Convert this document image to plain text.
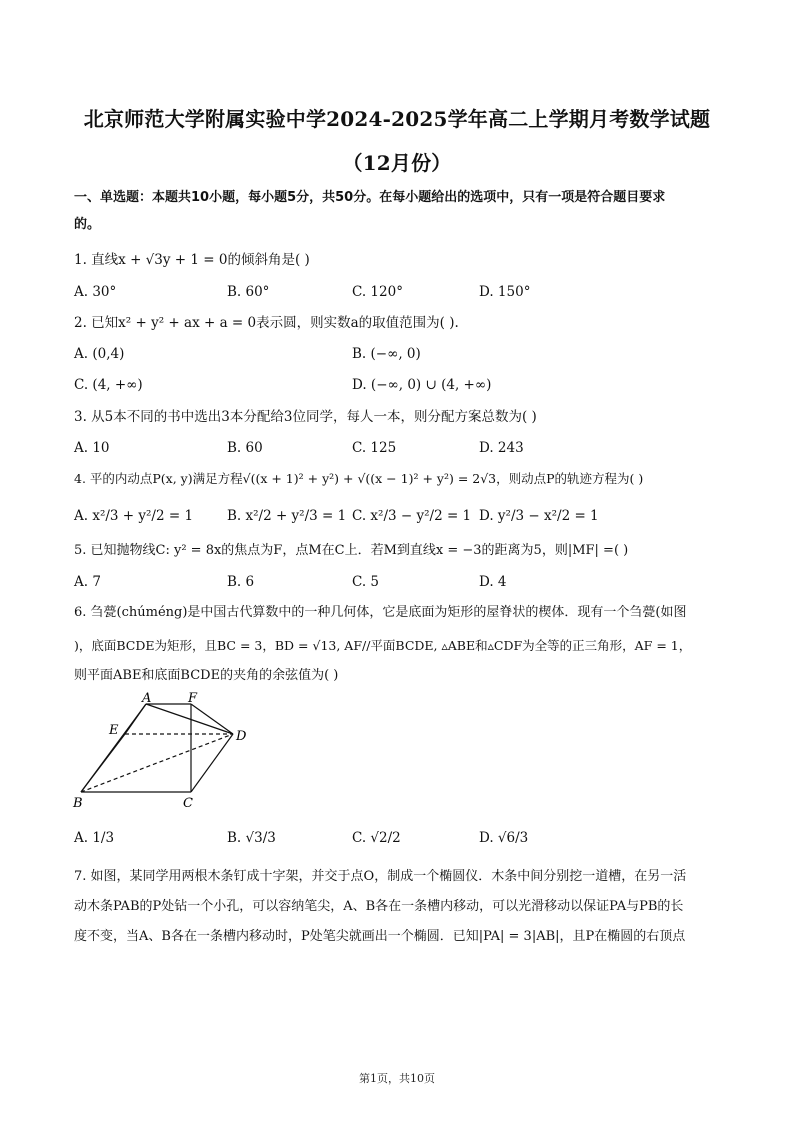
北京师范大学附属实验中学2024-2025学年高二上学期月考数学试题
（12月份）
一、单选题：本题共10小题，每小题5分，共50分。在每小题给出的选项中，只有一项是符合题目要求
的。
1. 直线x + √3y + 1 = 0的倾斜角是( )
A. 30°	B. 60°	C. 120°	D. 150°
2. 已知x² + y² + ax + a = 0表示圆，则实数a的取值范围为( ).
A. (0,4)	B. (−∞, 0)
C. (4, +∞)	D. (−∞, 0) ∪ (4, +∞)
3. 从5本不同的书中选出3本分配给3位同学，每人一本，则分配方案总数为( )
A. 10	B. 60	C. 125	D. 243
4. 平的内动点P(x, y)满足方程√((x + 1)² + y²) + √((x − 1)² + y²) = 2√3，则动点P的轨迹方程为( )
A. x²/3 + y²/2 = 1	B. x²/2 + y²/3 = 1 C. x²/3 − y²/2 = 1 D. y²/3 − x²/2 = 1
5. 已知抛物线C: y² = 8x的焦点为F，点M在C上．若M到直线x = −3的距离为5，则|MF| =( )
A. 7	B. 6	C. 5	D. 4
6. 刍甍(chúméng)是中国古代算数中的一种几何体，它是底面为矩形的屋脊状的楔体．现有一个刍甍(如图
)，底面BCDE为矩形，且BC = 3，BD = √13, AF//平面BCDE, ▵ABE和▵CDF为全等的正三角形，AF = 1，
则平面ABE和底面BCDE的夹角的余弦值为( )
A	F
E	D
B	C
A. 1/3	B. √3/3	C. √2/2	D. √6/3
7. 如图，某同学用两根木条钉成十字架，并交于点O，制成一个椭圆仪．木条中间分别挖一道槽，在另一活
动木条PAB的P处钻一个小孔，可以容纳笔尖，A、B各在一条槽内移动，可以光滑移动以保证PA与PB的长
度不变，当A、B各在一条槽内移动时，P处笔尖就画出一个椭圆．已知|PA| = 3|AB|，且P在椭圆的右顶点
第1页，共10页
